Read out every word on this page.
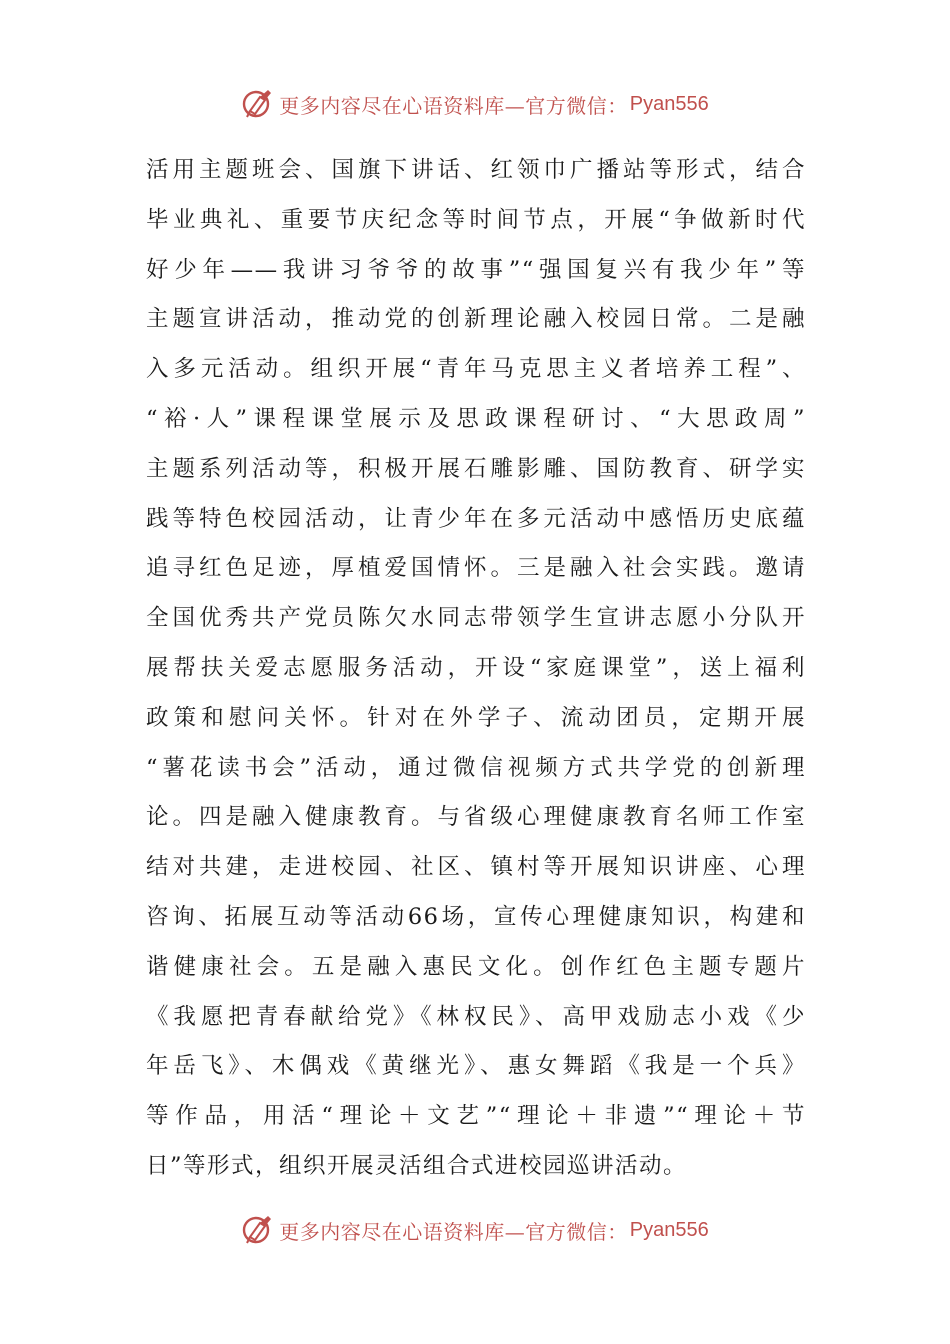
更多内容尽在心语资料库—官方微信： Pyan556
活用主题班会、国旗下讲话、红领巾广播站等形式，结合
毕业典礼、重要节庆纪念等时间节点，开展“争做新时代
好少年——我讲习爷爷的故事”“强国复兴有我少年”等
主题宣讲活动，推动党的创新理论融入校园日常。二是融
入多元活动。组织开展“青年马克思主义者培养工程”、
“裕·人”课程课堂展示及思政课程研讨、“大思政周”
主题系列活动等，积极开展石雕影雕、国防教育、研学实
践等特色校园活动，让青少年在多元活动中感悟历史底蕴
追寻红色足迹，厚植爱国情怀。三是融入社会实践。邀请
全国优秀共产党员陈欠水同志带领学生宣讲志愿小分队开
展帮扶关爱志愿服务活动，开设“家庭课堂”，送上福利
政策和慰问关怀。针对在外学子、流动团员，定期开展
“薯花读书会”活动，通过微信视频方式共学党的创新理
论。四是融入健康教育。与省级心理健康教育名师工作室
结对共建，走进校园、社区、镇村等开展知识讲座、心理
咨询、拓展互动等活动66场，宣传心理健康知识，构建和
谐健康社会。五是融入惠民文化。创作红色主题专题片
《我愿把青春献给党》《林权民》、高甲戏励志小戏《少
年岳飞》、木偶戏《黄继光》、惠女舞蹈《我是一个兵》
等作品，用活“理论＋文艺”“理论＋非遗”“理论＋节
日”等形式，组织开展灵活组合式进校园巡讲活动。
更多内容尽在心语资料库—官方微信： Pyan556
